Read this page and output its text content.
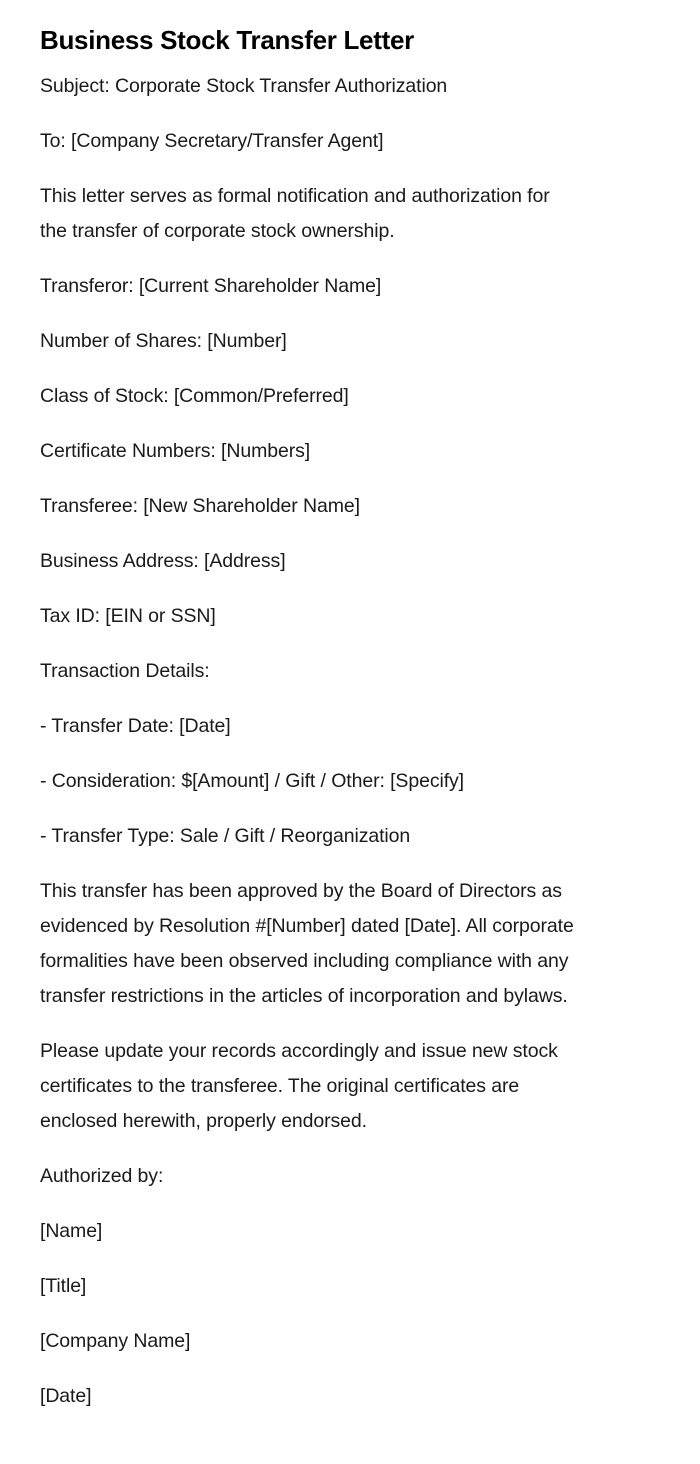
Business Stock Transfer Letter

Subject: Corporate Stock Transfer Authorization

To: [Company Secretary/Transfer Agent]

This letter serves as formal notification and authorization for
the transfer of corporate stock ownership.

Transferor: [Current Shareholder Name]

Number of Shares: [Number]

Class of Stock: [Common/Preferred]

Certificate Numbers: [Numbers]

Transferee: [New Shareholder Name]

Business Address: [Address]

Tax ID: [EIN or SSN]

Transaction Details:

- Transfer Date: [Date]

- Consideration: $[Amount] / Gift / Other: [Specify]

- Transfer Type: Sale / Gift / Reorganization

This transfer has been approved by the Board of Directors as
evidenced by Resolution #[Number] dated [Date]. All corporate
formalities have been observed including compliance with any
transfer restrictions in the articles of incorporation and bylaws.

Please update your records accordingly and issue new stock
certificates to the transferee. The original certificates are
enclosed herewith, properly endorsed.

Authorized by:

[Name]

[Title]

[Company Name]

[Date]
